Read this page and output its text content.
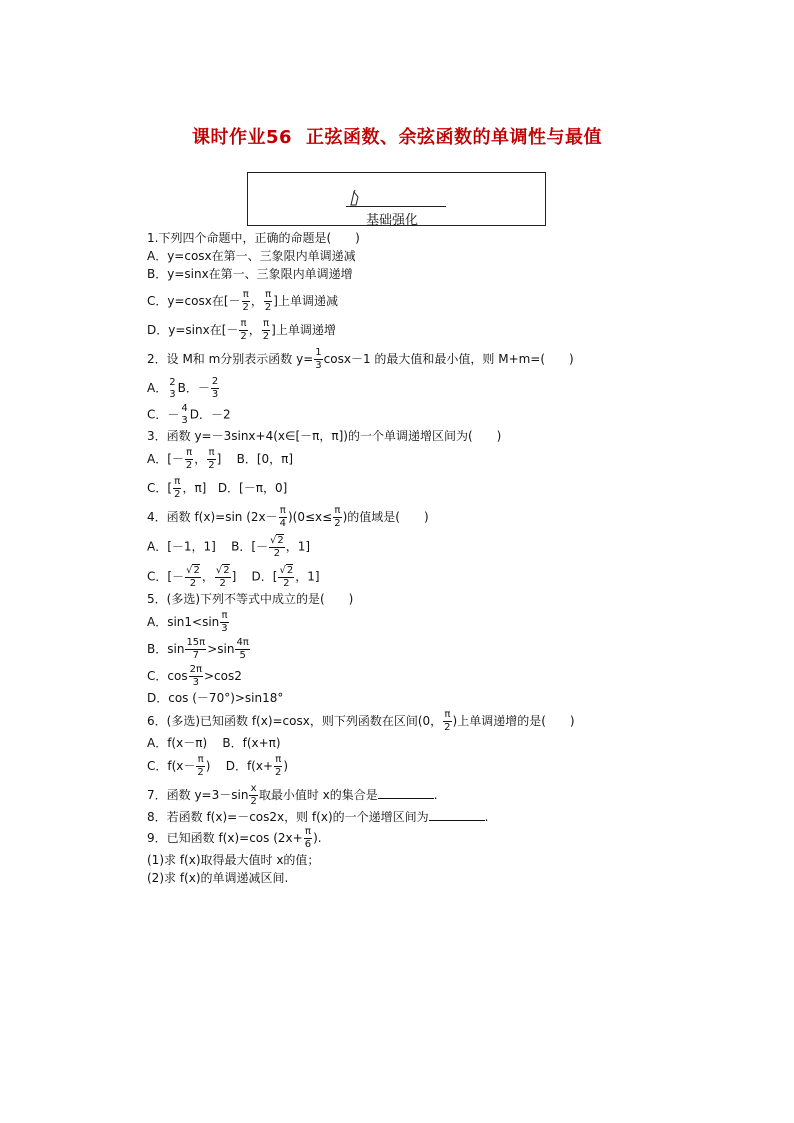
课时作业56 正弦函数、余弦函数的单调性与最值
基础强化
1.下列四个命题中，正确的命题是(　　)
A．y=cosx在第一、三象限内单调递减
B．y=sinx在第一、三象限内单调递增
C．y=cosx在[－ $\frac{\pi}{2}$ ， $\frac{\pi}{2}$ ]上单调递减
D．y=sinx在[－ $\frac{\pi}{2}$ ， $\frac{\pi}{2}$ ]上单调递增
2．设 M和 m分别表示函数 $y= \frac{1}{3} \cos x-1$ 的最大值和最小值，则 M+m=(　　)
A． 2
3 B．－ $\frac{2}{3}$
C．－ 4
3 D．－2
3．函数 y=－3sinx+4(x∈[－π，π])的一个单调递增区间为(　　)
A．[－ $\frac{\pi}{2}$ ， $\frac{\pi}{2}$ ] B．[0，π]
C．[ $\frac{\pi}{2}$ ，π] D．[－π，0]
4．函数 f(x)=sin $(2x- \frac{\pi}{4} )(0\le x\le \frac{\pi}{2}$ )的值域是(　　)
A．[－1，1] B．[－ $\frac{√2}{2}$ ，1]
C．[－ $\frac{√2}{2}$ ， $\frac{√2}{2}$ ] D．[ $\frac{√2}{2}$ ，1]
5．(多选)下列不等式中成立的是(　　)
A．$\sin 1<\sin \frac{\pi}{3}$
B．$\sin \frac{15\pi}{7} >\sin \frac{4\pi}{5}$
C．$\cos \frac{2\pi}{3} >\cos 2$
D．cos (－70°)>sin18°
6．(多选)已知函数 f(x)=cosx，则下列函数在区间(0， $\frac{\pi}{2}$ )上单调递增的是(　　)
A．f(x－π) B．f(x+π)
C．$f(x- \frac{\pi}{2}$ ) D．$f(x+ \frac{\pi}{2}$ )
7．函数 $y=3-\sin \frac{x}{2}$ 取最小值时 x的集合是	.
8．若函数 f(x)=－cos2x，则 f(x)的一个递增区间为	.
9．已知函数 f(x)=cos ($2x+ \frac{\pi}{6}$ ).
(1)求 f(x)取得最大值时 x的值；
(2)求 f(x)的单调递减区间.
